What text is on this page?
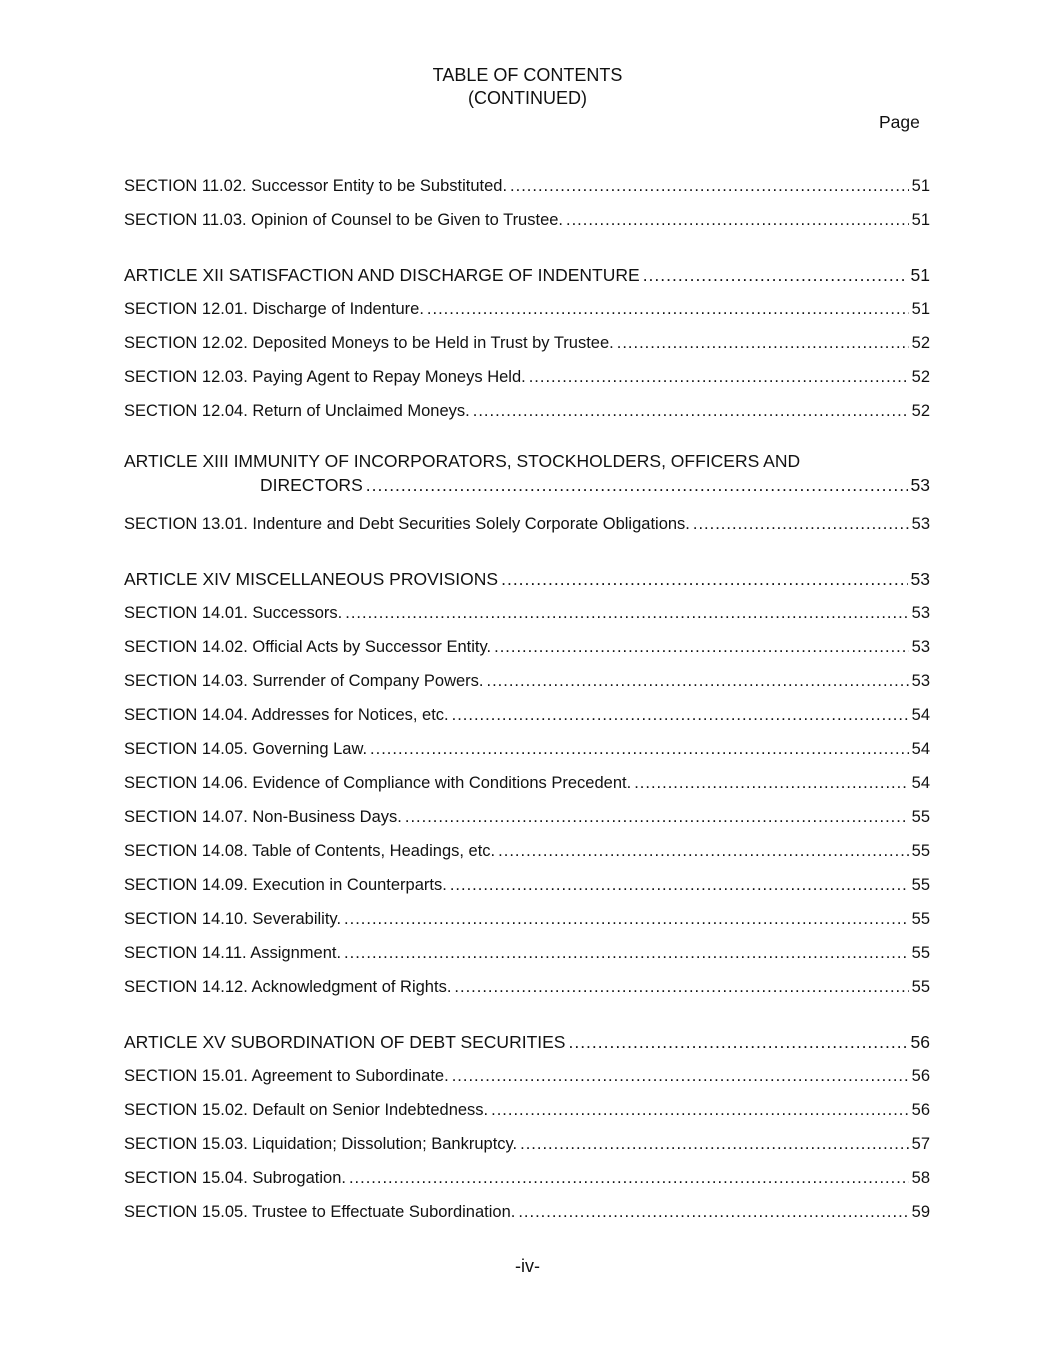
TABLE OF CONTENTS
(CONTINUED)
Page
SECTION 11.02. Successor Entity to be Substituted. .....	51
SECTION 11.03. Opinion of Counsel to be Given to Trustee. .....	51
ARTICLE XII SATISFACTION AND DISCHARGE OF INDENTURE .....	51
SECTION 12.01. Discharge of Indenture. .....	51
SECTION 12.02. Deposited Moneys to be Held in Trust by Trustee. .....	52
SECTION 12.03. Paying Agent to Repay Moneys Held. .....	52
SECTION 12.04. Return of Unclaimed Moneys. .....	52
ARTICLE XIII IMMUNITY OF INCORPORATORS, STOCKHOLDERS, OFFICERS AND
DIRECTORS .....	53
SECTION 13.01. Indenture and Debt Securities Solely Corporate Obligations. .....	53
ARTICLE XIV MISCELLANEOUS PROVISIONS .....	53
SECTION 14.01. Successors. .....	53
SECTION 14.02. Official Acts by Successor Entity. .....	53
SECTION 14.03. Surrender of Company Powers. .....	53
SECTION 14.04. Addresses for Notices, etc. .....	54
SECTION 14.05. Governing Law. .....	54
SECTION 14.06. Evidence of Compliance with Conditions Precedent. .....	54
SECTION 14.07. Non-Business Days. .....	55
SECTION 14.08. Table of Contents, Headings, etc. .....	55
SECTION 14.09. Execution in Counterparts. .....	55
SECTION 14.10. Severability. .....	55
SECTION 14.11. Assignment. .....	55
SECTION 14.12. Acknowledgment of Rights. .....	55
ARTICLE XV SUBORDINATION OF DEBT SECURITIES .....	56
SECTION 15.01. Agreement to Subordinate. .....	56
SECTION 15.02. Default on Senior Indebtedness. .....	56
SECTION 15.03. Liquidation; Dissolution; Bankruptcy. .....	57
SECTION 15.04. Subrogation. .....	58
SECTION 15.05. Trustee to Effectuate Subordination. .....	59
-iv-
